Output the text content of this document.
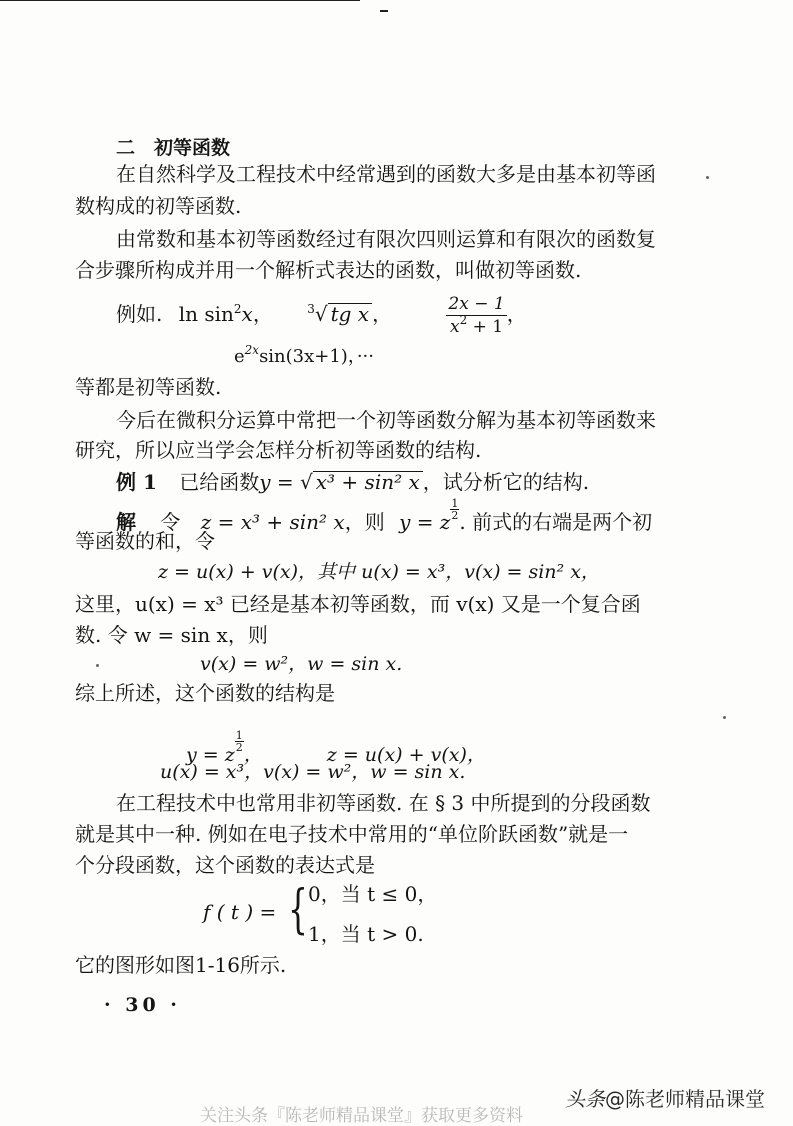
二　初等函数
在自然科学及工程技术中经常遇到的函数大多是由基本初等函
数构成的初等函数.
由常数和基本初等函数经过有限次四则运算和有限次的函数复
合步骤所构成并用一个解析式表达的函数，叫做初等函数.
例如. $\ln \sin^2x$，	$^3$√ tg x ，	$\frac{2x - 1}{x^2 + 1}$ ，
$e^{2x}\sin(3x+1)$，···
等都是初等函数.
今后在微积分运算中常把一个初等函数分解为基本初等函数来
研究，所以应当学会怎样分析初等函数的结构.
例 1 已给函数y = √ x³ + sin² x ，试分析它的结构.
解 令 z = x³ + sin² x，则 y = z
$\frac{1}{2}$
. 前式的右端是两个初
等函数的和，令
z = u(x) + v(x)，其中 u(x) = x³，v(x) = sin² x，
这里，u(x) = x³ 已经是基本初等函数，而 v(x) 又是一个复合函
数. 令 w = sin x，则
v(x) = w²，w = sin x.
综上所述，这个函数的结构是
y = z
$\frac{1}{2}$
，	z = u(x) + v(x)，
u(x) = x³，v(x) = w²，w = sin x.
在工程技术中也常用非初等函数. 在 § 3 中所提到的分段函数
就是其中一种. 例如在电子技术中常用的“单位阶跃函数”就是一
个分段函数，这个函数的表达式是
f ( t ) = { 0，当 t ≤ 0，
1，当 t > 0.
它的图形如图1-16所示.
· 30 ·
头条@陈老师精品课堂
关注头条『陈老师精品课堂』获取更多资料
